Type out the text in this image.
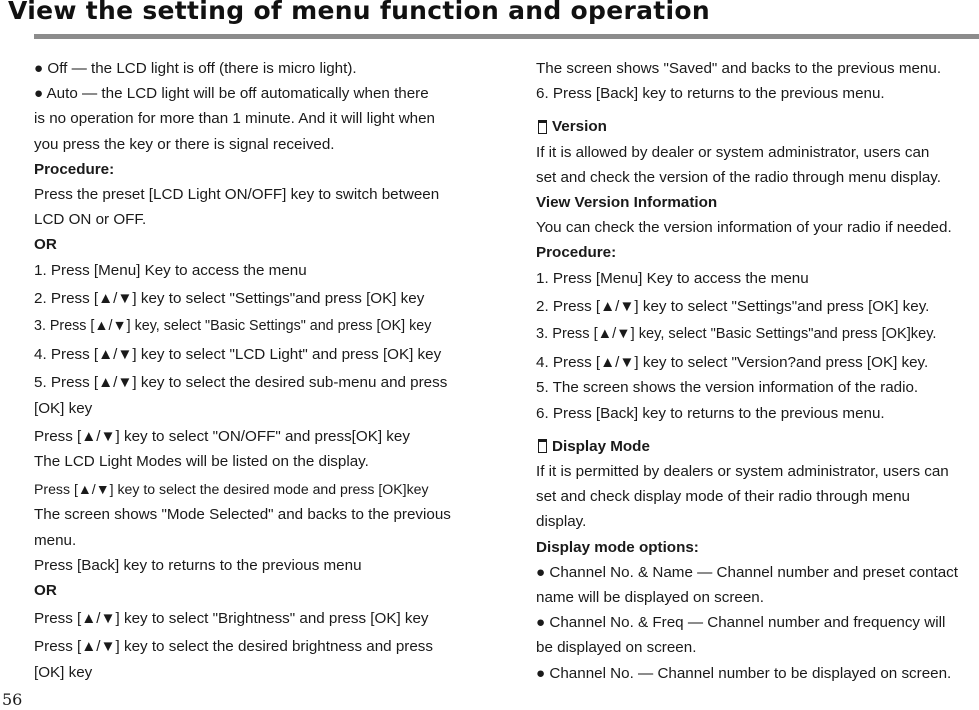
View the setting of menu function and operation
● Off — the LCD light is off (there is micro light).
● Auto — the LCD light will be off automatically when there
is no operation for more than 1 minute. And it will light when
you press the key or there is signal received.
Procedure:
Press the preset [LCD Light ON/OFF] key to switch between
LCD ON or OFF.
OR
1. Press [Menu] Key to access the menu
2. Press [▲/▼] key to select "Settings"and press [OK] key
3. Press [▲/▼] key, select "Basic Settings" and press [OK] key
4. Press [▲/▼] key to select "LCD Light" and press [OK] key
5. Press [▲/▼] key to select the desired sub-menu and press
[OK] key
Press [▲/▼] key to select "ON/OFF" and press[OK] key
The LCD Light Modes will be listed on the display.
Press [▲/▼] key to select the desired mode and press [OK]key
The screen shows "Mode Selected" and backs to the previous
menu.
Press [Back] key to returns to the previous menu
OR
Press [▲/▼] key to select "Brightness" and press [OK] key
Press [▲/▼] key to select the desired brightness and press
[OK] key
The screen shows "Saved" and backs to the previous menu.
6. Press [Back] key to returns to the previous menu.
Version
If it is allowed by dealer or system administrator, users can
set and check the version of the radio through menu display.
View Version Information
You can check the version information of your radio if needed.
Procedure:
1. Press [Menu] Key to access the menu
2. Press [▲/▼] key to select "Settings"and press [OK] key.
3. Press [▲/▼] key, select "Basic Settings"and press [OK]key.
4. Press [▲/▼] key to select "Version?and press [OK] key.
5. The screen shows the version information of the radio.
6. Press [Back] key to returns to the previous menu.
Display Mode
If it is permitted by dealers or system administrator, users can
set and check display mode of their radio through menu
display.
Display mode options:
● Channel No. & Name — Channel number and preset contact
name will be displayed on screen.
● Channel No. & Freq — Channel number and frequency will
be displayed on screen.
● Channel No. — Channel number to be displayed on screen.
56
